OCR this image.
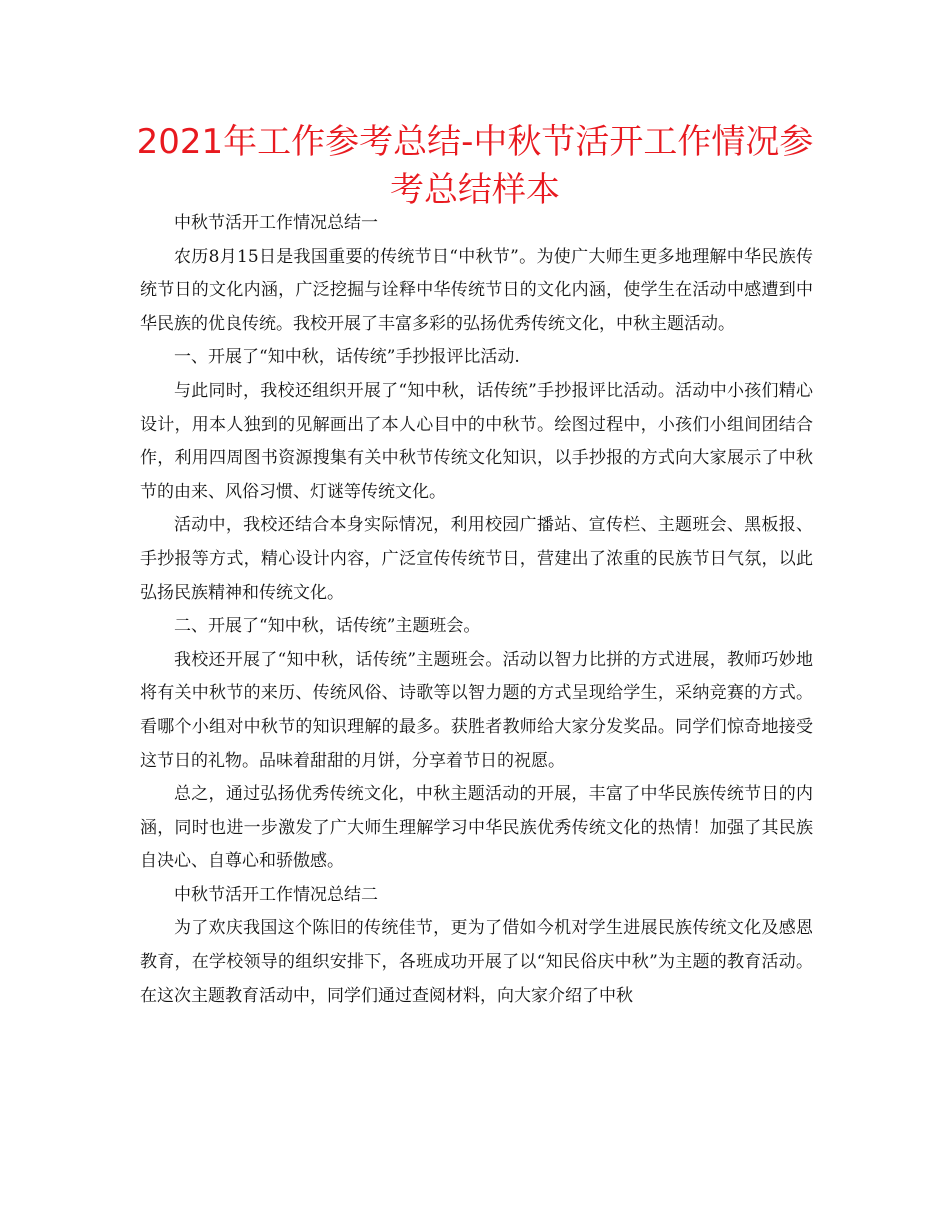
2021年工作参考总结-中秋节活开工作情况参考总结样本

中秋节活开工作情况总结一

农历8月15日是我国重要的传统节日“中秋节”。为使广大师生更多地理解中华民族传统节日的文化内涵，广泛挖掘与诠释中华传统节日的文化内涵，使学生在活动中感遭到中华民族的优良传统。我校开展了丰富多彩的弘扬优秀传统文化，中秋主题活动。

一、开展了“知中秋，话传统”手抄报评比活动.

与此同时，我校还组织开展了“知中秋，话传统”手抄报评比活动。活动中小孩们精心设计，用本人独到的见解画出了本人心目中的中秋节。绘图过程中，小孩们小组间团结合作，利用四周图书资源搜集有关中秋节传统文化知识，以手抄报的方式向大家展示了中秋节的由来、风俗习惯、灯谜等传统文化。

活动中，我校还结合本身实际情况，利用校园广播站、宣传栏、主题班会、黑板报、手抄报等方式，精心设计内容，广泛宣传传统节日，营建出了浓重的民族节日气氛，以此弘扬民族精神和传统文化。

二、开展了“知中秋，话传统”主题班会。

我校还开展了“知中秋，话传统”主题班会。活动以智力比拼的方式进展，教师巧妙地将有关中秋节的来历、传统风俗、诗歌等以智力题的方式呈现给学生，采纳竞赛的方式。看哪个小组对中秋节的知识理解的最多。获胜者教师给大家分发奖品。同学们惊奇地接受这节日的礼物。品味着甜甜的月饼，分享着节日的祝愿。

总之，通过弘扬优秀传统文化，中秋主题活动的开展，丰富了中华民族传统节日的内涵，同时也进一步激发了广大师生理解学习中华民族优秀传统文化的热情！加强了其民族自决心、自尊心和骄傲感。

中秋节活开工作情况总结二

为了欢庆我国这个陈旧的传统佳节，更为了借如今机对学生进展民族传统文化及感恩教育，在学校领导的组织安排下，各班成功开展了以“知民俗庆中秋”为主题的教育活动。在这次主题教育活动中，同学们通过查阅材料，向大家介绍了中秋
